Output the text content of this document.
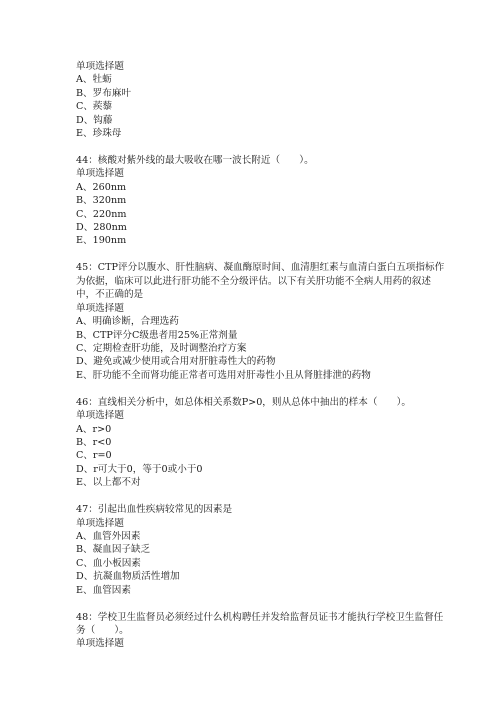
单项选择题
A、牡蛎
B、罗布麻叶
C、蒺藜
D、钩藤
E、珍珠母
44：核酸对紫外线的最大吸收在哪一波长附近（　　）。
单项选择题
A、260nm
B、320nm
C、220nm
D、280nm
E、190nm
45：CTP评分以腹水、肝性脑病、凝血酶原时间、血清胆红素与血清白蛋白五项指标作为依据，临床可以此进行肝功能不全分级评估。以下有关肝功能不全病人用药的叙述中，不正确的是
单项选择题
A、明确诊断，合理选药
B、CTP评分C级患者用25%正常剂量
C、定期检查肝功能，及时调整治疗方案
D、避免或减少使用或合用对肝脏毒性大的药物
E、肝功能不全而肾功能正常者可选用对肝毒性小且从肾脏排泄的药物
46：直线相关分析中，如总体相关系数P>0，则从总体中抽出的样本（　　）。
单项选择题
A、r>0
B、r<0
C、r=0
D、r可大于0，等于0或小于0
E、以上都不对
47：引起出血性疾病较常见的因素是
单项选择题
A、血管外因素
B、凝血因子缺乏
C、血小板因素
D、抗凝血物质活性增加
E、血管因素
48：学校卫生监督员必须经过什么机构聘任并发给监督员证书才能执行学校卫生监督任务（　　）。
单项选择题
